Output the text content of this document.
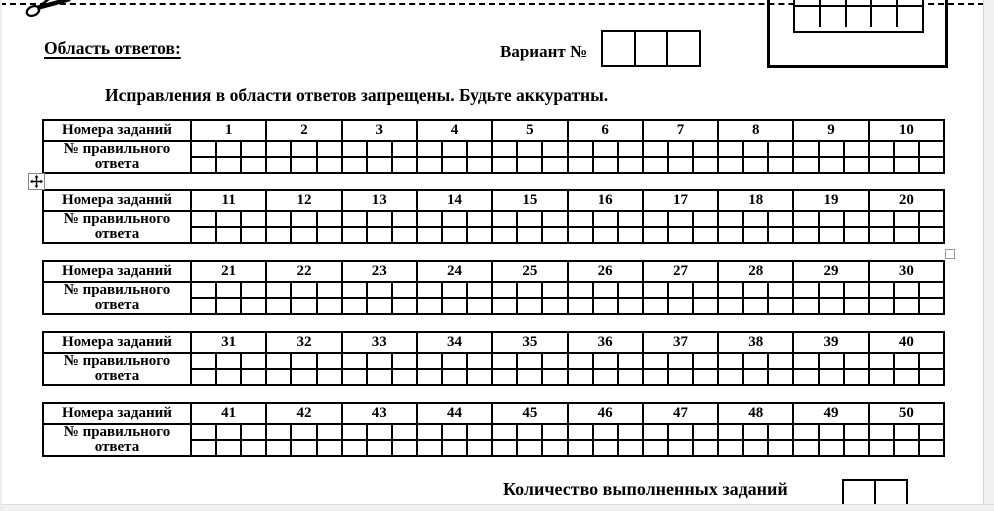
Область ответов:	Вариант №
Исправления в области ответов запрещены. Будьте аккуратны.
Номера заданий	1	2	3	4	5	6	7	8	9	10
№ правильного ответа
Номера заданий	11	12	13	14	15	16	17	18	19	20
№ правильного ответа
Номера заданий	21	22	23	24	25	26	27	28	29	30
№ правильного ответа
Номера заданий	31	32	33	34	35	36	37	38	39	40
№ правильного ответа
Номера заданий	41	42	43	44	45	46	47	48	49	50
№ правильного ответа
Количество выполненных заданий
